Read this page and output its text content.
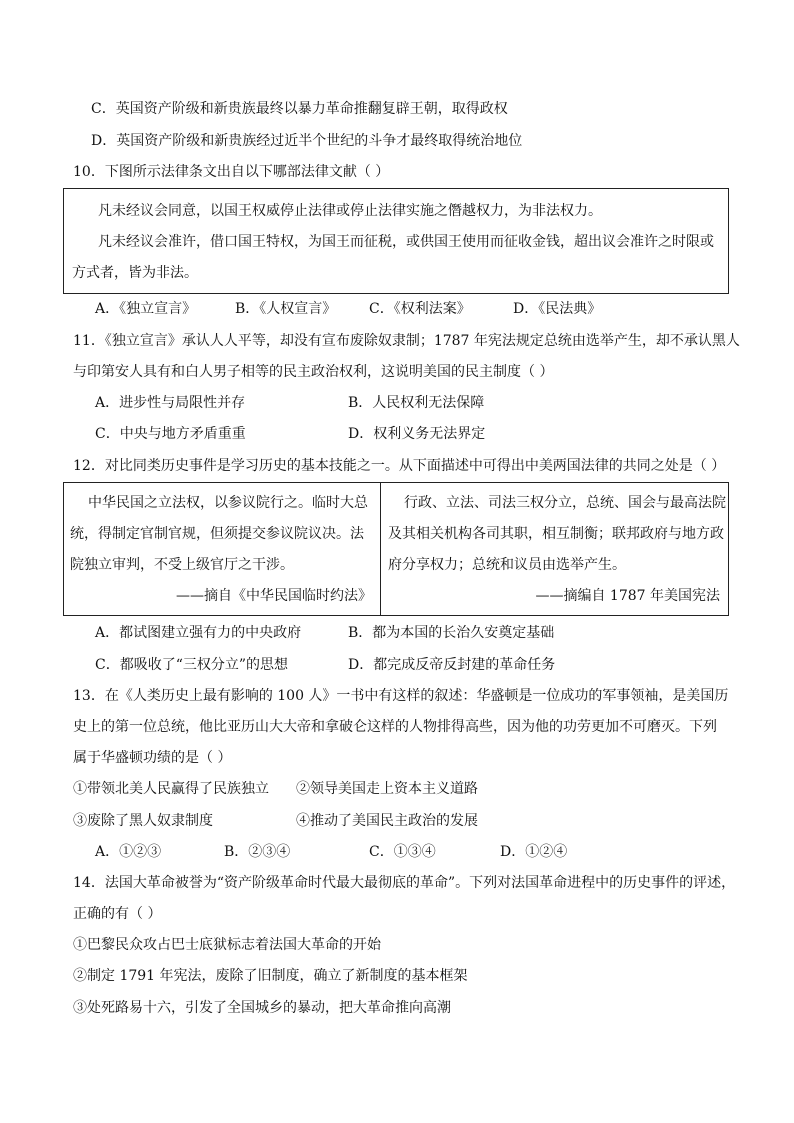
C．英国资产阶级和新贵族最终以暴力革命推翻复辟王朝，取得政权
D．英国资产阶级和新贵族经过近半个世纪的斗争才最终取得统治地位
10．下图所示法律条文出自以下哪部法律文献（ ）
凡未经议会同意，以国王权威停止法律或停止法律实施之僭越权力，为非法权力。
凡未经议会准许，借口国王特权，为国王而征税，或供国王使用而征收金钱，超出议会准许之时限或
方式者，皆为非法。
A．《独立宣言》	B．《人权宣言》 C．《权利法案》	D．《民法典》
11．《独立宣言》承认人人平等，却没有宣布废除奴隶制；1787 年宪法规定总统由选举产生，却不承认黑人
与印第安人具有和白人男子相等的民主政治权利，这说明美国的民主制度（ ）
A．进步性与局限性并存	B．人民权利无法保障
C．中央与地方矛盾重重	D．权利义务无法界定
12．对比同类历史事件是学习历史的基本技能之一。从下面描述中可得出中美两国法律的共同之处是（ ）
中华民国之立法权，以参议院行之。临时大总
统，得制定官制官规，但须提交参议院议决。法
院独立审判，不受上级官厅之干涉。
——摘自《中华民国临时约法》
行政、立法、司法三权分立，总统、国会与最高法院
及其相关机构各司其职，相互制衡；联邦政府与地方政
府分享权力；总统和议员由选举产生。
——摘编自 1787 年美国宪法
A．都试图建立强有力的中央政府	B．都为本国的长治久安奠定基础
C．都吸收了“三权分立”的思想	D．都完成反帝反封建的革命任务
13．在《人类历史上最有影响的 100 人》一书中有这样的叙述：华盛顿是一位成功的军事领袖，是美国历
史上的第一位总统，他比亚历山大大帝和拿破仑这样的人物排得高些，因为他的功劳更加不可磨灭。下列
属于华盛顿功绩的是（ ）
①带领北美人民赢得了民族独立 ②领导美国走上资本主义道路
③废除了黑人奴隶制度	④推动了美国民主政治的发展
A．①②③	B．②③④	C．①③④	D．①②④
14．法国大革命被誉为“资产阶级革命时代最大最彻底的革命”。下列对法国革命进程中的历史事件的评述，
正确的有（ ）
①巴黎民众攻占巴士底狱标志着法国大革命的开始
②制定 1791 年宪法，废除了旧制度，确立了新制度的基本框架
③处死路易十六，引发了全国城乡的暴动，把大革命推向高潮
